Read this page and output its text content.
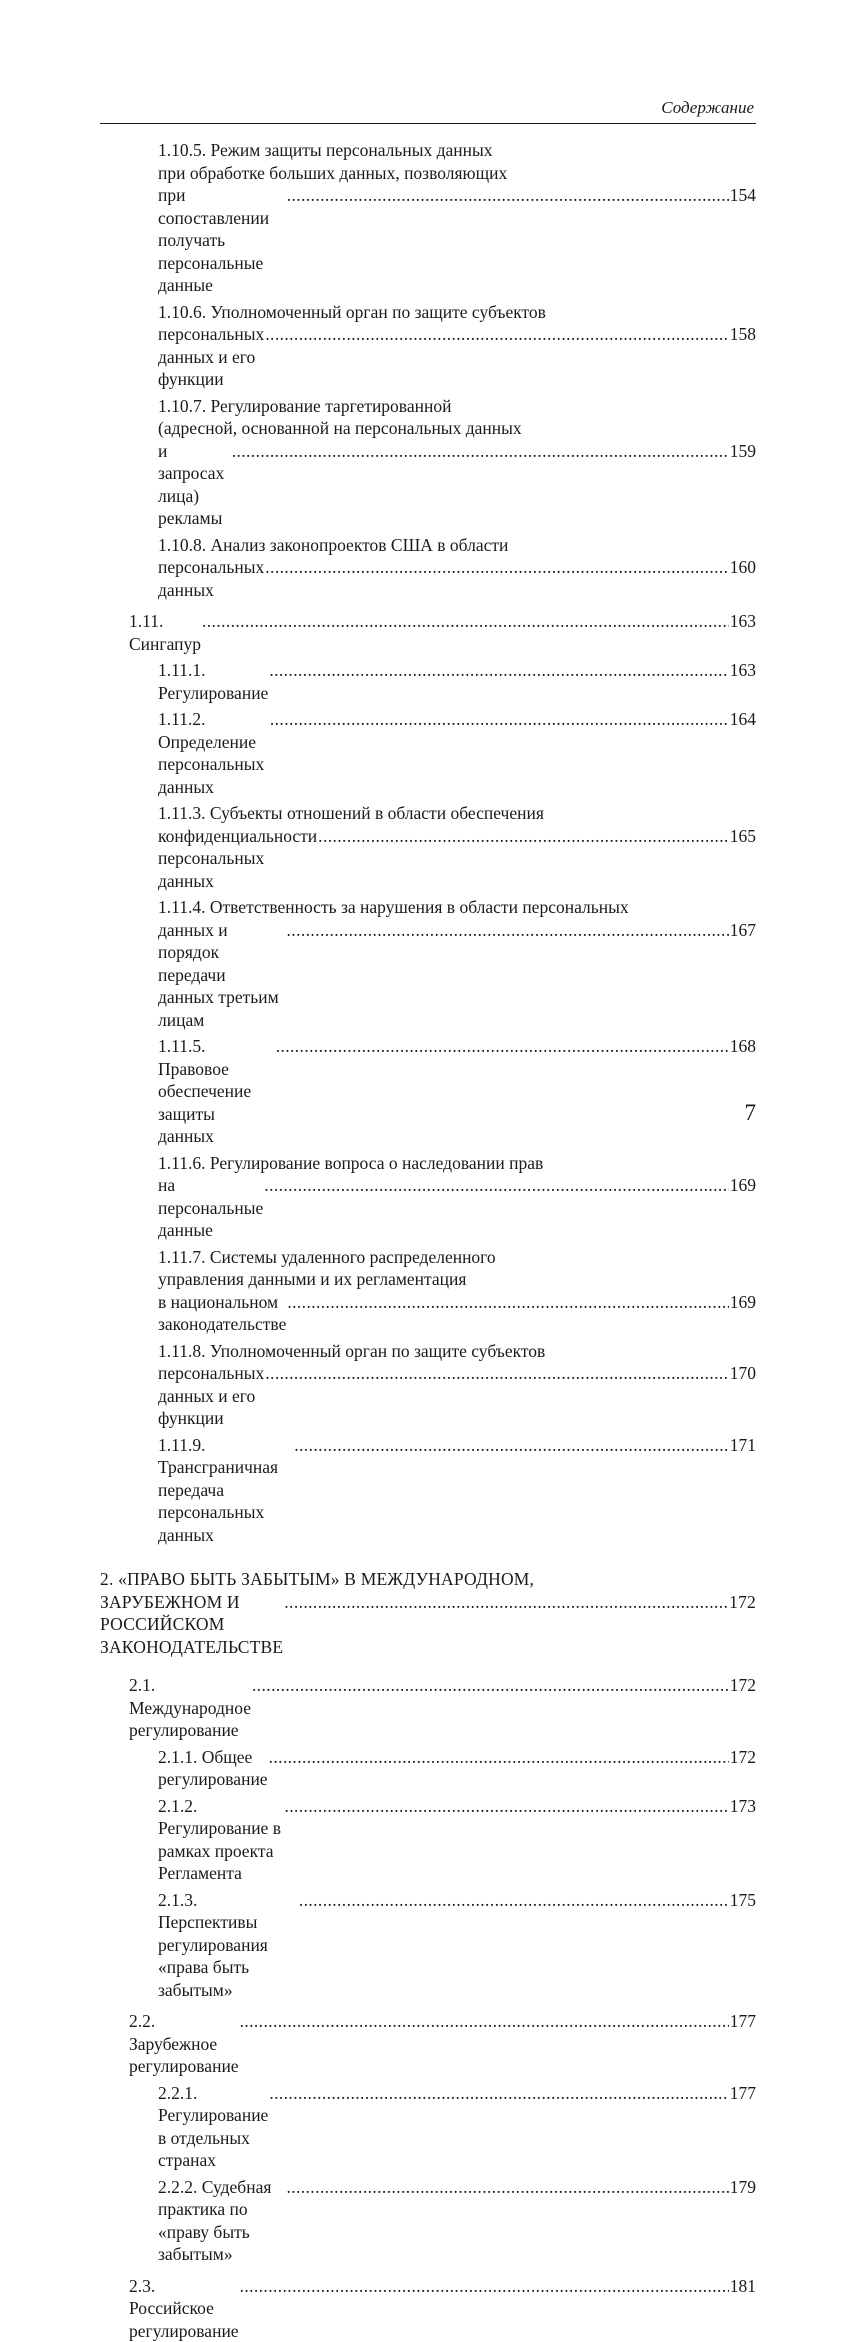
Содержание
1.10.5. Режим защиты персональных данных
при обработке больших данных, позволяющих
при сопоставлении получать персональные данные
.....
154
1.10.6. Уполномоченный орган по защите субъектов
персональных данных и его функции
.....
158
1.10.7. Регулирование таргетированной
(адресной, основанной на персональных данных
и запросах лица) рекламы
.....
159
1.10.8. Анализ законопроектов США в области
персональных данных
.....
160
1.11. Сингапур
.....
163
1.11.1. Регулирование
.....
163
1.11.2. Определение персональных данных
.....
164
1.11.3. Субъекты отношений в области обеспечения
конфиденциальности персональных данных
.....
165
1.11.4. Ответственность за нарушения в области персональных
данных и порядок передачи данных третьим лицам
.....
167
1.11.5. Правовое обеспечение защиты данных
.....
168
1.11.6. Регулирование вопроса о наследовании прав
на персональные данные
.....
169
1.11.7. Системы удаленного распределенного
управления данными и их регламентация
в национальном законодательстве
.....
169
1.11.8. Уполномоченный орган по защите субъектов
персональных данных и его функции
.....
170
1.11.9. Трансграничная передача персональных данных
.....
171
2. «ПРАВО БЫТЬ ЗАБЫТЫМ» В МЕЖДУНАРОДНОМ,
ЗАРУБЕЖНОМ И РОССИЙСКОМ ЗАКОНОДАТЕЛЬСТВЕ
.....
172
2.1. Международное регулирование
.....
172
2.1.1. Общее регулирование
.....
172
2.1.2. Регулирование в рамках проекта Регламента
.....
173
2.1.3. Перспективы регулирования «права быть забытым»
.....
175
2.2. Зарубежное регулирование
.....
177
2.2.1. Регулирование в отдельных странах
.....
177
2.2.2. Судебная практика по «праву быть забытым»
.....
179
2.3. Российское регулирование
.....
181
7
